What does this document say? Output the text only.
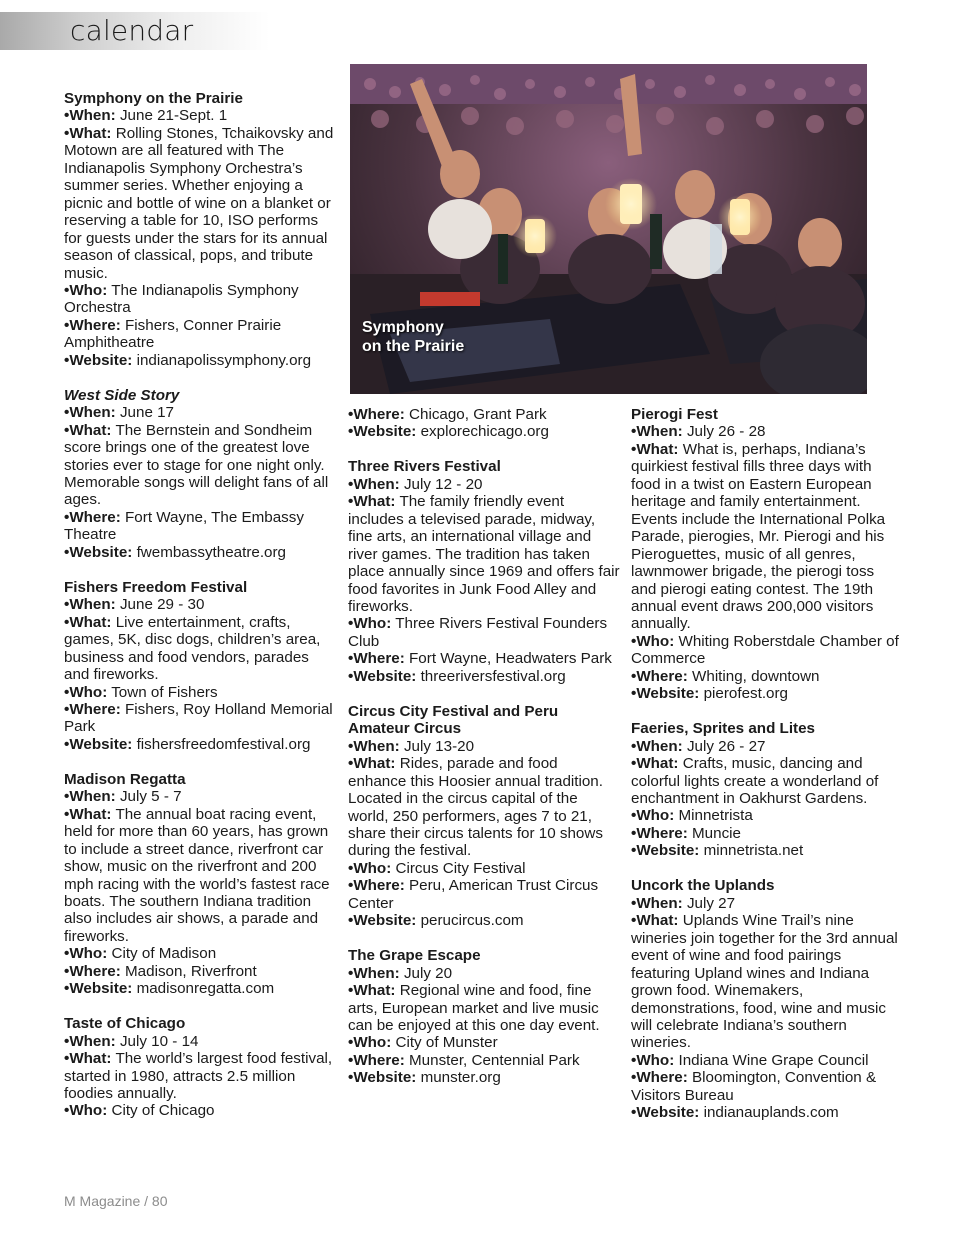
calendar
Symphony
on the Prairie
Symphony on the Prairie
•When: June 21-Sept. 1
•What: Rolling Stones, Tchaikovsky and Motown are all featured with The Indianapolis Symphony Orchestra’s summer series. Whether enjoying a picnic and bottle of wine on a blanket or reserving a table for 10, ISO performs for guests under the stars for its annual season of classical, pops, and tribute music.
•Who: The Indianapolis Symphony Orchestra
•Where: Fishers, Conner Prairie Amphitheatre
•Website: indianapolissymphony.org
West Side Story
•When: June 17
•What: The Bernstein and Sondheim score brings one of the greatest love stories ever to stage for one night only. Memorable songs will delight fans of all ages.
•Where: Fort Wayne, The Embassy Theatre
•Website: fwembassytheatre.org
Fishers Freedom Festival
•When: June 29 - 30
•What: Live entertainment, crafts, games, 5K, disc dogs, children’s area, business and food vendors, parades and fireworks.
•Who: Town of Fishers
•Where: Fishers, Roy Holland Memorial Park
•Website: fishersfreedomfestival.org
Madison Regatta
•When: July 5 - 7
•What: The annual boat racing event, held for more than 60 years, has grown to include a street dance, riverfront car show, music on the riverfront and 200 mph racing with the world’s fastest race boats. The southern Indiana tradition also includes air shows, a parade and fireworks.
•Who: City of Madison
•Where: Madison, Riverfront
•Website: madisonregatta.com
Taste of Chicago
•When: July 10 - 14
•What: The world’s largest food festival, started in 1980, attracts 2.5 million foodies annually.
•Who: City of Chicago
•Where: Chicago, Grant Park
•Website: explorechicago.org
Three Rivers Festival
•When: July 12 - 20
•What: The family friendly event includes a televised parade, midway, fine arts, an international village and river games. The tradition has taken place annually since 1969 and offers fair food favorites in Junk Food Alley and fireworks.
•Who: Three Rivers Festival Founders Club
•Where: Fort Wayne, Headwaters Park
•Website: threeriversfestival.org
Circus City Festival and Peru Amateur Circus
•When: July 13-20
•What: Rides, parade and food enhance this Hoosier annual tradition. Located in the circus capital of the world, 250 performers, ages 7 to 21, share their circus talents for 10 shows during the festival.
•Who: Circus City Festival
•Where: Peru, American Trust Circus Center
•Website: perucircus.com
The Grape Escape
•When: July 20
•What: Regional wine and food, fine arts, European market and live music can be enjoyed at this one day event.
•Who: City of Munster
•Where: Munster, Centennial Park
•Website: munster.org
Pierogi Fest
•When: July 26 - 28
•What: What is, perhaps, Indiana’s quirkiest festival fills three days with food in a twist on Eastern European heritage and family entertainment. Events include the International Polka Parade, pierogies, Mr. Pierogi and his Pieroguettes, music of all genres, lawnmower brigade, the pierogi toss and pierogi eating contest. The 19th annual event draws 200,000 visitors annually.
•Who: Whiting Roberstdale Chamber of Commerce
•Where: Whiting, downtown
•Website: pierofest.org
Faeries, Sprites and Lites
•When: July 26 - 27
•What: Crafts, music, dancing and colorful lights create a wonderland of enchantment in Oakhurst Gardens.
•Who: Minnetrista
•Where: Muncie
•Website: minnetrista.net
Uncork the Uplands
•When: July 27
•What: Uplands Wine Trail’s nine wineries join together for the 3rd annual event of wine and food pairings featuring Upland wines and Indiana grown food. Winemakers, demonstrations, food, wine and music will celebrate Indiana’s southern wineries.
•Who: Indiana Wine Grape Council
•Where: Bloomington, Convention & Visitors Bureau
•Website: indianauplands.com
M Magazine / 80
